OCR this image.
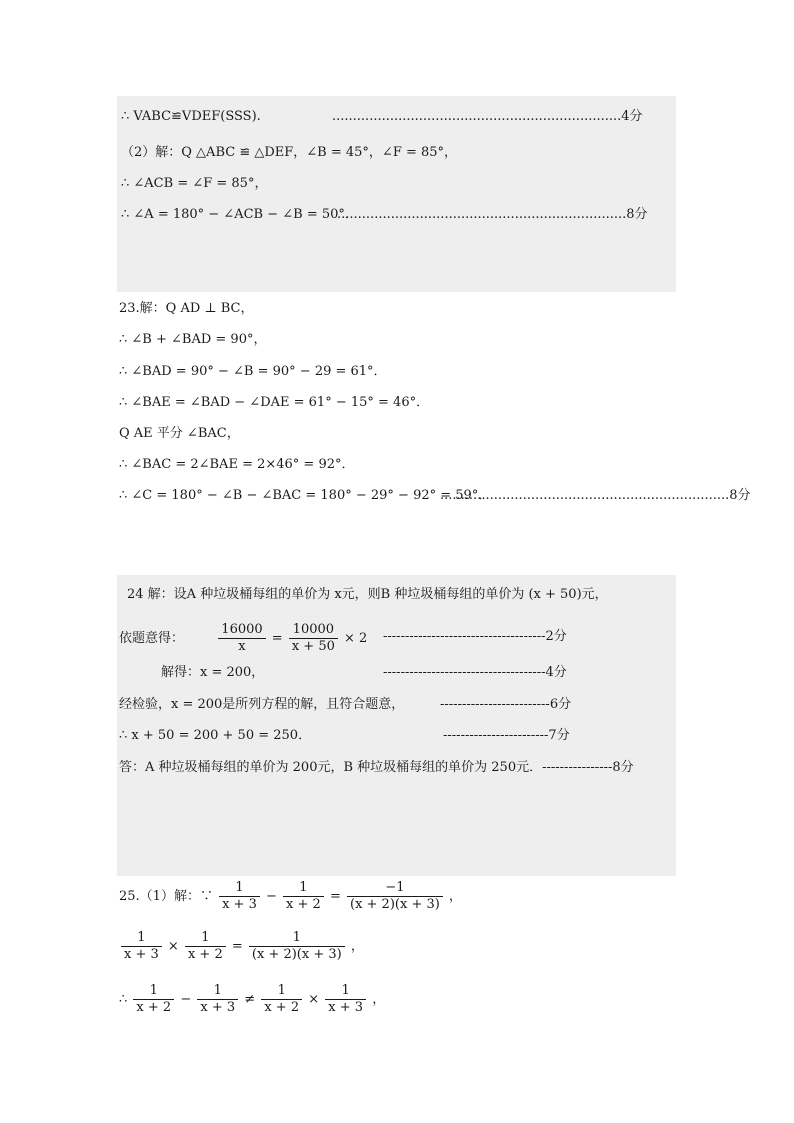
∴ VABC≌VDEF(SSS).	......................................................................4分
（2）解：Q △ABC ≌ △DEF，∠B = 45°，∠F = 85°，
∴ ∠ACB = ∠F = 85°，
∴ ∠A = 180° − ∠ACB − ∠B = 50°．
......................................................................8分
23.解：Q AD ⊥ BC，
∴ ∠B + ∠BAD = 90°，
∴ ∠BAD = 90° − ∠B = 90° − 29 = 61°．
∴ ∠BAE = ∠BAD − ∠DAE = 61° − 15° = 46°．
Q AE 平分 ∠BAC，
∴ ∠BAC = 2∠BAE = 2×46° = 92°．
∴ ∠C = 180° − ∠B − ∠BAC = 180° − 29° − 92° = 59°．
......................................................................8分
24 解：设A 种垃圾桶每组的单价为 x元，则B 种垃圾桶每组的单价为 (x + 50)元，
依题意得：	$\frac{16000}{x} = \frac{10000}{x + 50} \times 2$ -------------------------------------2分
解得：x = 200，	-------------------------------------4分
经检验，x = 200是所列方程的解，且符合题意，	-------------------------6分
∴ x + 50 = 200 + 50 = 250．	------------------------7分
答：A 种垃圾桶每组的单价为 200元，B 种垃圾桶每组的单价为 250元．----------------8分
25.（1）解：∵ $\frac{1}{x + 3} - \frac{1}{x + 2} = \frac{-1}{(x + 2)(x + 3)}$ ，
$\frac{1}{x + 3} \times \frac{1}{x + 2} = \frac{1}{(x + 2)(x + 3)}$ ，
∴ $\frac{1}{x + 2} - \frac{1}{x + 3} \ne \frac{1}{x + 2} \times \frac{1}{x + 3}$ ，
